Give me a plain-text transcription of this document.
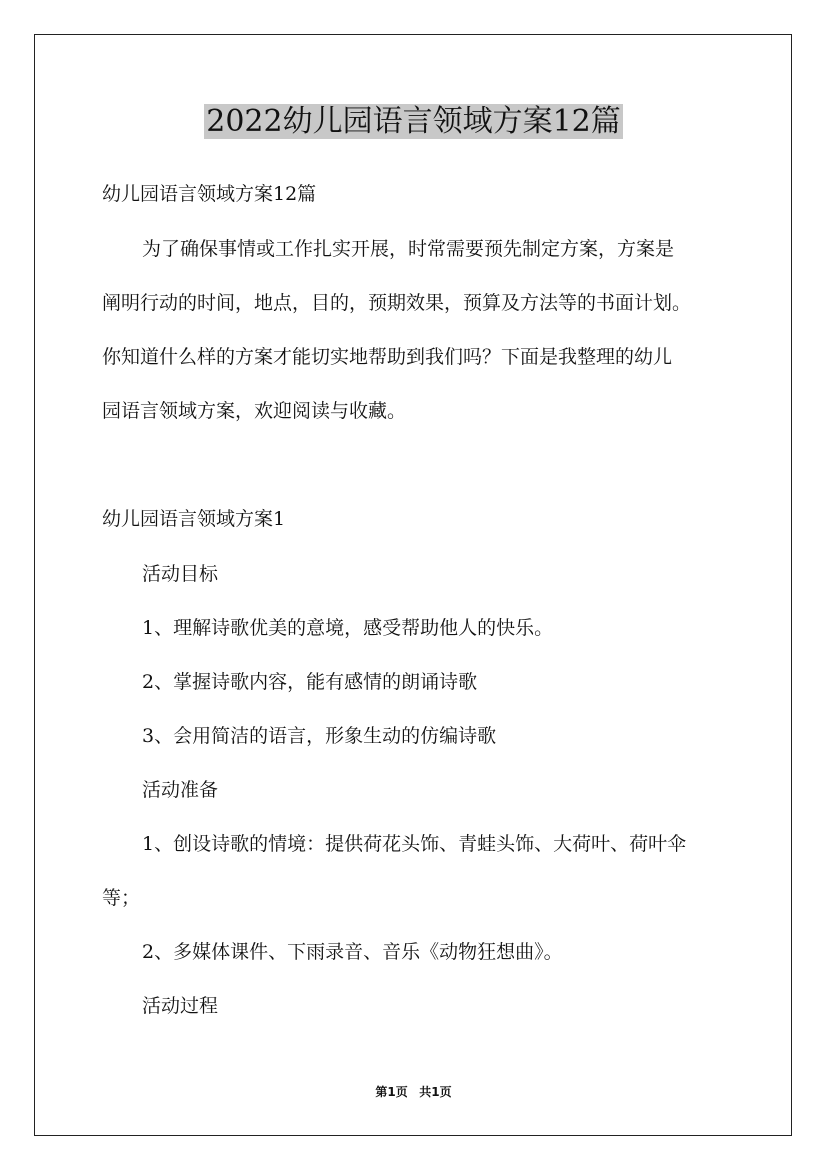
2022幼儿园语言领域方案12篇
幼儿园语言领域方案12篇
为了确保事情或工作扎实开展，时常需要预先制定方案，方案是
阐明行动的时间，地点，目的，预期效果，预算及方法等的书面计划。
你知道什么样的方案才能切实地帮助到我们吗？下面是我整理的幼儿
园语言领域方案，欢迎阅读与收藏。
幼儿园语言领域方案1
活动目标
1、理解诗歌优美的意境，感受帮助他人的快乐。
2、掌握诗歌内容，能有感情的朗诵诗歌
3、会用简洁的语言，形象生动的仿编诗歌
活动准备
1、创设诗歌的情境：提供荷花头饰、青蛙头饰、大荷叶、荷叶伞
等；
2、多媒体课件、下雨录音、音乐《动物狂想曲》。
活动过程
第1页 共1页
